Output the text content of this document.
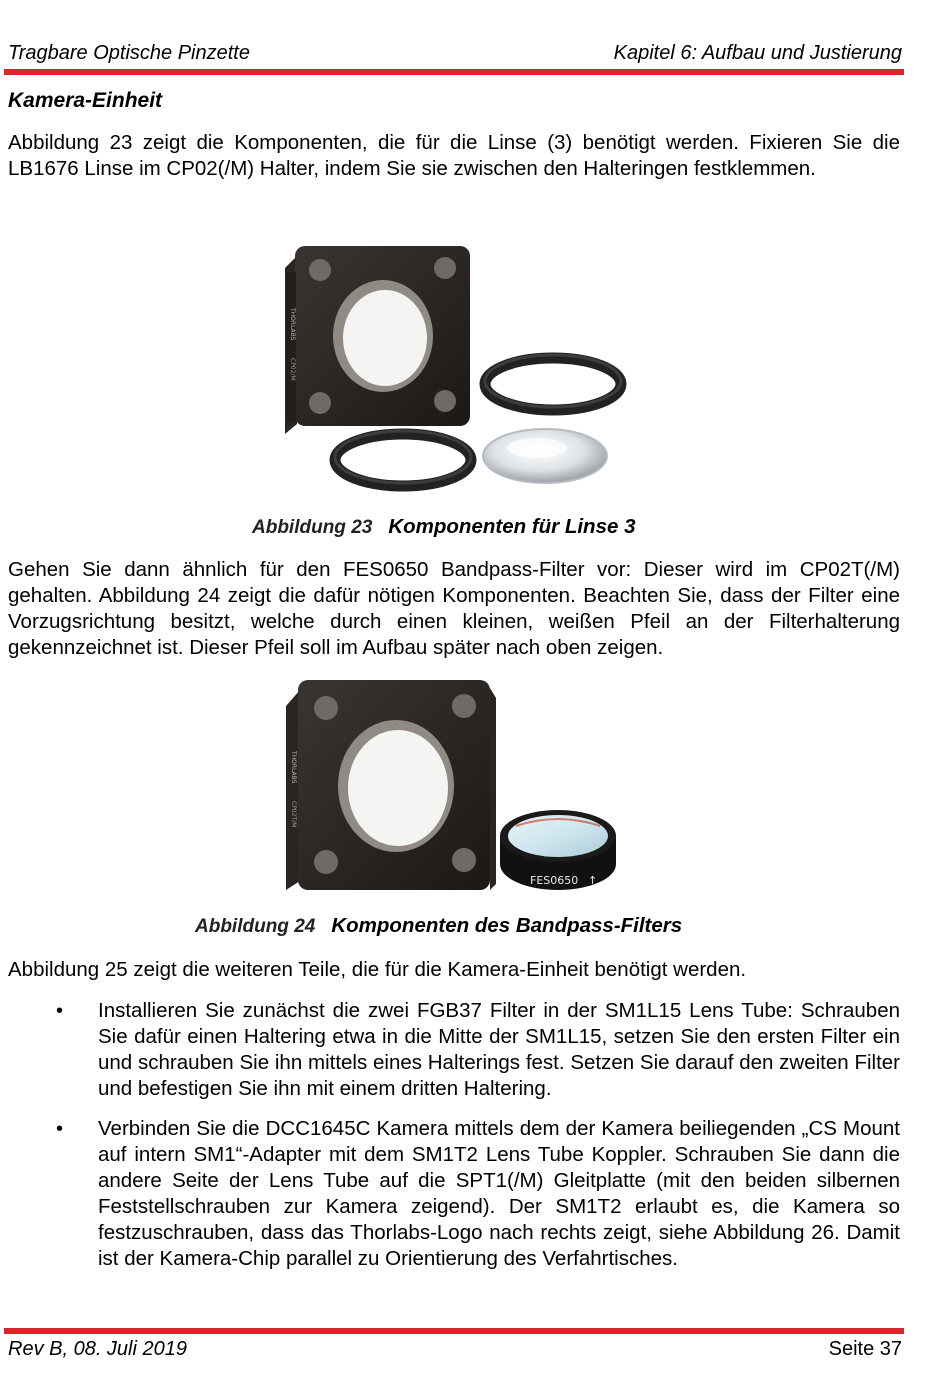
Tragbare Optische Pinzette	Kapitel 6: Aufbau und Justierung
Kamera-Einheit

Abbildung 23 zeigt die Komponenten, die für die Linse (3) benötigt werden. Fixieren Sie die LB1676 Linse im CP02(/M) Halter, indem Sie sie zwischen den Halteringen festklemmen.

THORLABS
CP02/M
Abbildung 23 Komponenten für Linse 3

Gehen Sie dann ähnlich für den FES0650 Bandpass-Filter vor: Dieser wird im CP02T(/M) gehalten. Abbildung 24 zeigt die dafür nötigen Komponenten. Beachten Sie, dass der Filter eine Vorzugsrichtung besitzt, welche durch einen kleinen, weißen Pfeil an der Filterhalterung gekennzeichnet ist. Dieser Pfeil soll im Aufbau später nach oben zeigen.

THORLABS
CP02T/M
FES0650 ↑
Abbildung 24 Komponenten des Bandpass-Filters

Abbildung 25 zeigt die weiteren Teile, die für die Kamera-Einheit benötigt werden.

• Installieren Sie zunächst die zwei FGB37 Filter in der SM1L15 Lens Tube: Schrauben Sie dafür einen Haltering etwa in die Mitte der SM1L15, setzen Sie den ersten Filter ein und schrauben Sie ihn mittels eines Halterings fest. Setzen Sie darauf den zweiten Filter und befestigen Sie ihn mit einem dritten Haltering.
• Verbinden Sie die DCC1645C Kamera mittels dem der Kamera beiliegenden „CS Mount auf intern SM1“-Adapter mit dem SM1T2 Lens Tube Koppler. Schrauben Sie dann die andere Seite der Lens Tube auf die SPT1(/M) Gleitplatte (mit den beiden silbernen Feststellschrauben zur Kamera zeigend). Der SM1T2 erlaubt es, die Kamera so festzuschrauben, dass das Thorlabs-Logo nach rechts zeigt, siehe Abbildung 26. Damit ist der Kamera-Chip parallel zu Orientierung des Verfahrtisches.
Rev B, 08. Juli 2019	Seite 37
